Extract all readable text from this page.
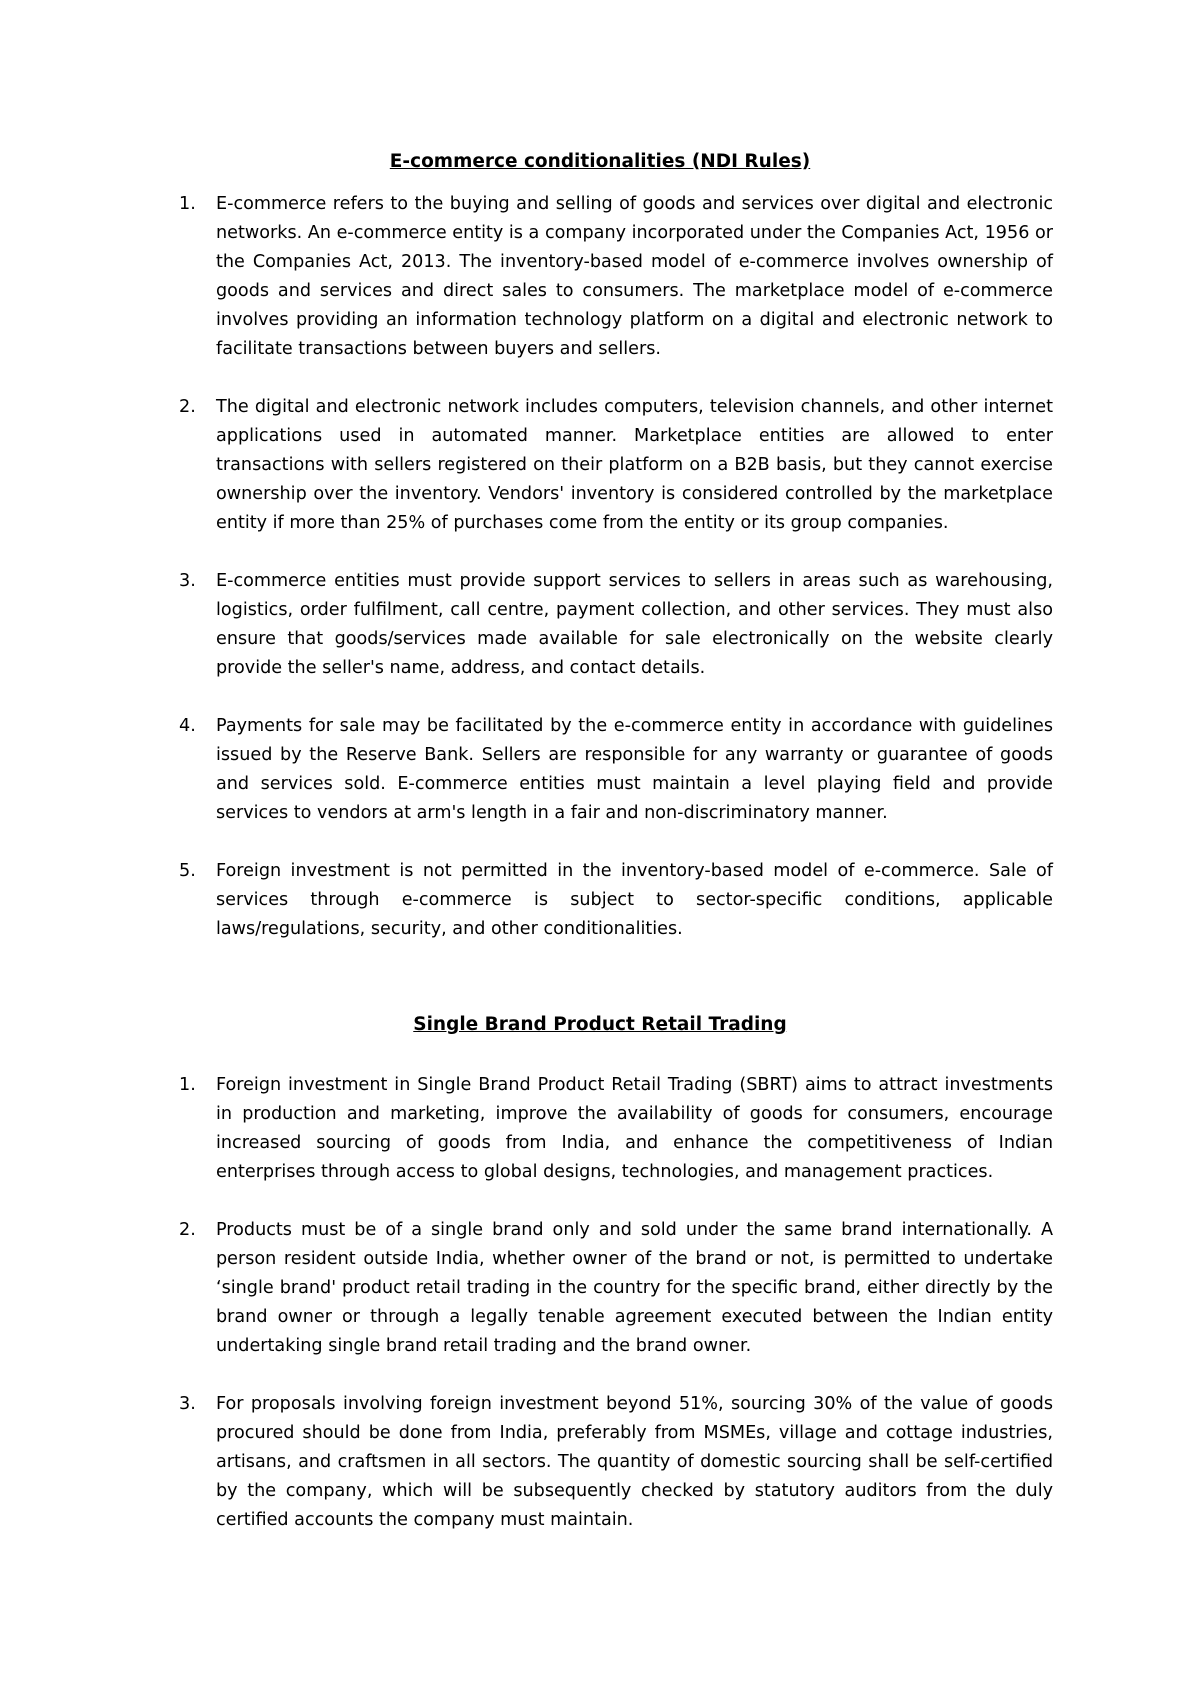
E-commerce conditionalities (NDI Rules)
1.	E-commerce refers to the buying and selling of goods and services over digital and electronic networks. An e-commerce entity is a company incorporated under the Companies Act, 1956 or the Companies Act, 2013. The inventory-based model of e-commerce involves ownership of goods and services and direct sales to consumers. The marketplace model of e-commerce involves providing an information technology platform on a digital and electronic network to facilitate transactions between buyers and sellers.
2.	The digital and electronic network includes computers, television channels, and other internet applications used in automated manner. Marketplace entities are allowed to enter transactions with sellers registered on their platform on a B2B basis, but they cannot exercise ownership over the inventory. Vendors' inventory is considered controlled by the marketplace entity if more than 25% of purchases come from the entity or its group companies.
3.	E-commerce entities must provide support services to sellers in areas such as warehousing, logistics, order fulfilment, call centre, payment collection, and other services. They must also ensure that goods/services made available for sale electronically on the website clearly provide the seller's name, address, and contact details.
4.	Payments for sale may be facilitated by the e-commerce entity in accordance with guidelines issued by the Reserve Bank. Sellers are responsible for any warranty or guarantee of goods and services sold. E-commerce entities must maintain a level playing field and provide services to vendors at arm's length in a fair and non-discriminatory manner.
5.	Foreign investment is not permitted in the inventory-based model of e-commerce. Sale of services through e-commerce is subject to sector-specific conditions, applicable laws/regulations, security, and other conditionalities.
Single Brand Product Retail Trading
1.	Foreign investment in Single Brand Product Retail Trading (SBRT) aims to attract investments in production and marketing, improve the availability of goods for consumers, encourage increased sourcing of goods from India, and enhance the competitiveness of Indian enterprises through access to global designs, technologies, and management practices.
2.	Products must be of a single brand only and sold under the same brand internationally. A person resident outside India, whether owner of the brand or not, is permitted to undertake ‘single brand' product retail trading in the country for the specific brand, either directly by the brand owner or through a legally tenable agreement executed between the Indian entity undertaking single brand retail trading and the brand owner.
3.	For proposals involving foreign investment beyond 51%, sourcing 30% of the value of goods procured should be done from India, preferably from MSMEs, village and cottage industries, artisans, and craftsmen in all sectors. The quantity of domestic sourcing shall be self-certified by the company, which will be subsequently checked by statutory auditors from the duly certified accounts the company must maintain.
